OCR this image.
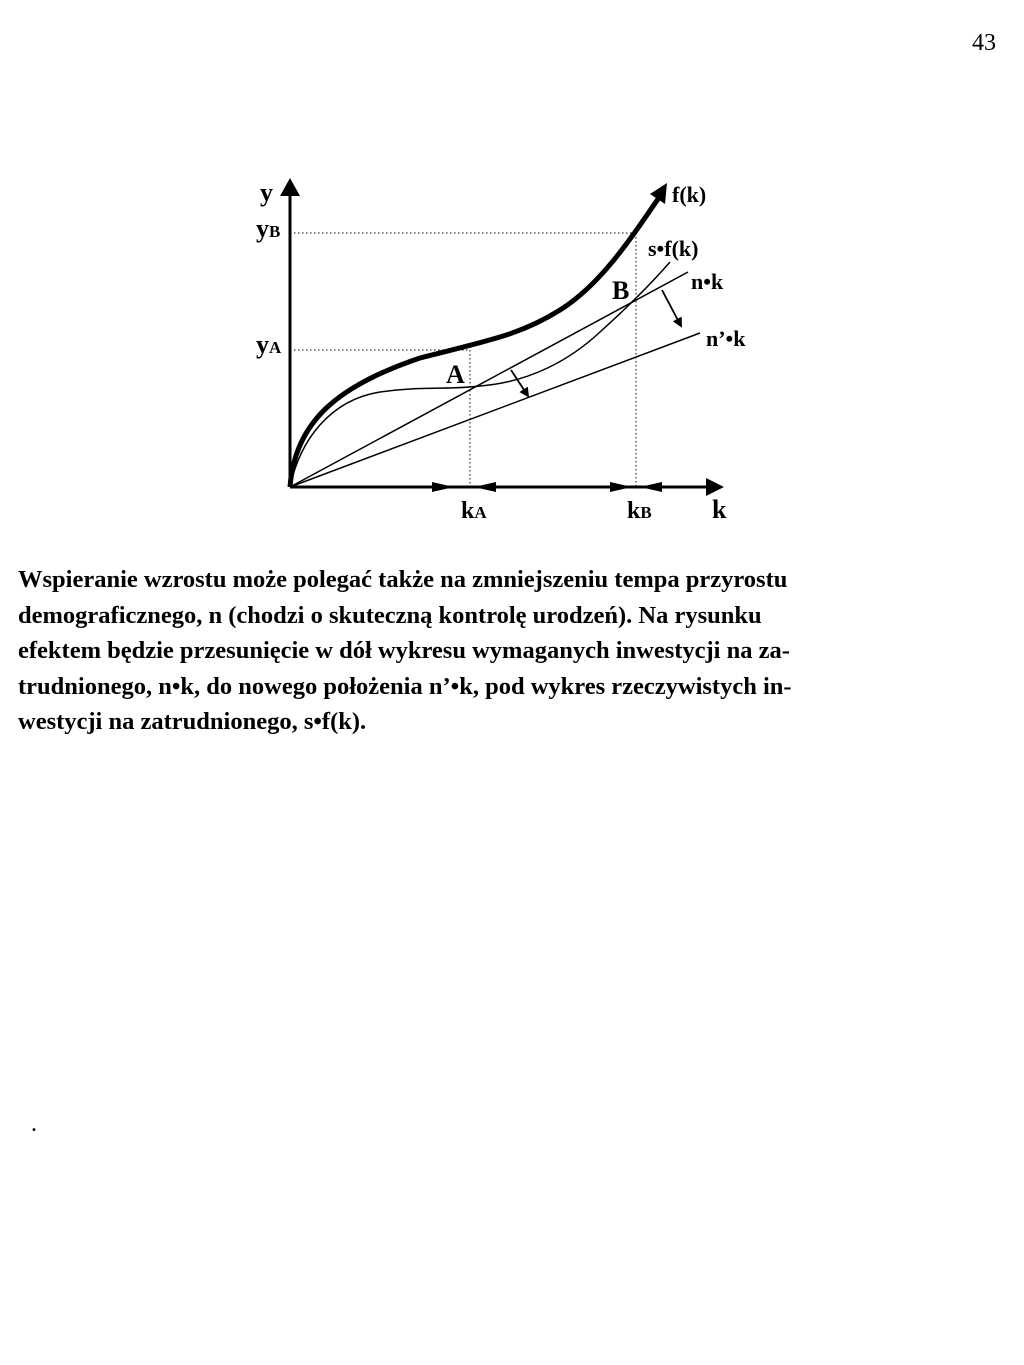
43
y
k
yB
yA
kA	kB
A
B
f(k)
s•f(k)
n•k
n’•k
Wspieranie wzrostu może polegać także na zmniejszeniu tempa przyrostu
demograficznego, n (chodzi o skuteczną kontrolę urodzeń). Na rysunku
efektem będzie przesunięcie w dół wykresu wymaganych inwestycji na za-
trudnionego, n•k, do nowego położenia n’•k, pod wykres rzeczywistych in-
westycji na zatrudnionego, s•f(k).
.
